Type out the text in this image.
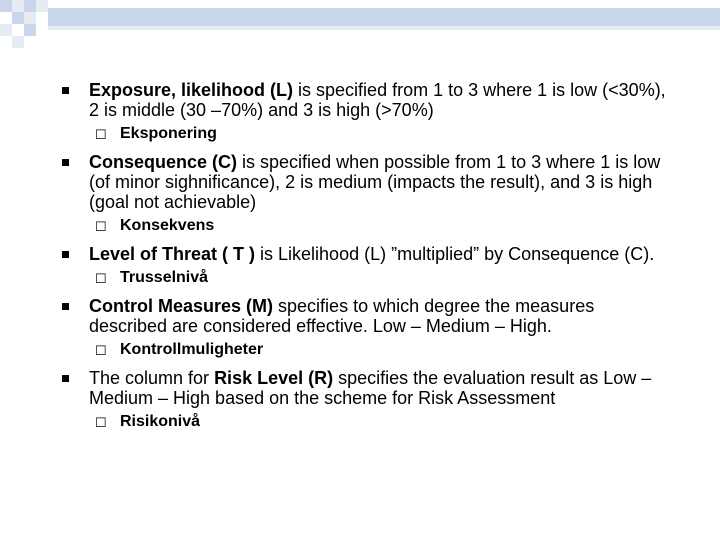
Exposure, likelihood (L) is specified from 1 to 3 where 1 is low (<30%), 2 is middle (30 –70%) and 3 is high (>70%)
☐ Eksponering
Consequence (C) is specified when possible from 1 to 3 where 1 is low (of minor sighnificance), 2 is medium (impacts the result), and 3 is high (goal not achievable)
☐ Konsekvens
Level of Threat ( T ) is Likelihood (L) ”multiplied” by Consequence (C).
☐ Trusselnivå
Control Measures (M) specifies to which degree the measures described are considered effective. Low – Medium – High.
☐ Kontrollmuligheter
The column for Risk Level (R) specifies the evaluation result as Low – Medium – High based on the scheme for Risk Assessment
☐ Risikonivå
